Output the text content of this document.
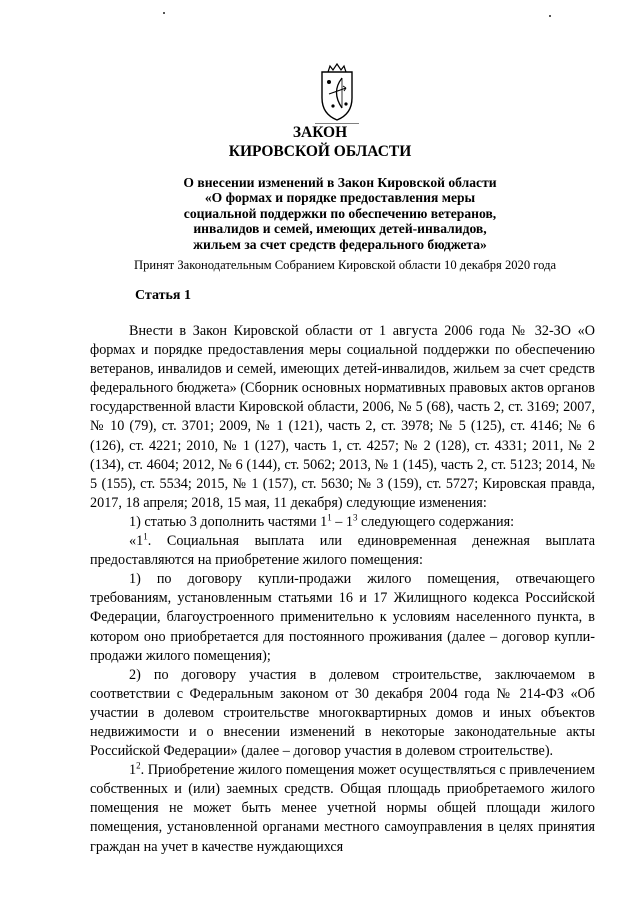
ЗАКОН
КИРОВСКОЙ ОБЛАСТИ
О внесении изменений в Закон Кировской области
«О формах и порядке предоставления меры
социальной поддержки по обеспечению ветеранов,
инвалидов и семей, имеющих детей-инвалидов,
жильем за счет средств федерального бюджета»
Принят Законодательным Собранием Кировской области 10 декабря 2020 года
Статья 1

Внести в Закон Кировской области от 1 августа 2006 года № 32-ЗО «О формах и порядке предоставления меры социальной поддержки по обеспечению ветеранов, инвалидов и семей, имеющих детей-инвалидов, жильем за счет средств федерального бюджета» (Сборник основных нормативных правовых актов органов государственной власти Кировской области, 2006, № 5 (68), часть 2, ст. 3169; 2007, № 10 (79), ст. 3701; 2009, № 1 (121), часть 2, ст. 3978; № 5 (125), ст. 4146; № 6 (126), ст. 4221; 2010, № 1 (127), часть 1, ст. 4257; № 2 (128), ст. 4331; 2011, № 2 (134), ст. 4604; 2012, № 6 (144), ст. 5062; 2013, № 1 (145), часть 2, ст. 5123; 2014, № 5 (155), ст. 5534; 2015, № 1 (157), ст. 5630; № 3 (159), ст. 5727; Кировская правда, 2017, 18 апреля; 2018, 15 мая, 11 декабря) следующие изменения:

1) статью 3 дополнить частями $1^1 - 1^3$ следующего содержания:

«$1^1$. Социальная выплата или единовременная денежная выплата предоставляются на приобретение жилого помещения:

1) по договору купли-продажи жилого помещения, отвечающего требованиям, установленным статьями 16 и 17 Жилищного кодекса Российской Федерации, благоустроенного применительно к условиям населенного пункта, в котором оно приобретается для постоянного проживания (далее – договор купли-продажи жилого помещения);

2) по договору участия в долевом строительстве, заключаемом в соответствии с Федеральным законом от 30 декабря 2004 года № 214-ФЗ «Об участии в долевом строительстве многоквартирных домов и иных объектов недвижимости и о внесении изменений в некоторые законодательные акты Российской Федерации» (далее – договор участия в долевом строительстве).

$1^2$. Приобретение жилого помещения может осуществляться с привлечением собственных и (или) заемных средств. Общая площадь приобретаемого жилого помещения не может быть менее учетной нормы общей площади жилого помещения, установленной органами местного самоуправления в целях принятия граждан на учет в качестве нуждающихся
